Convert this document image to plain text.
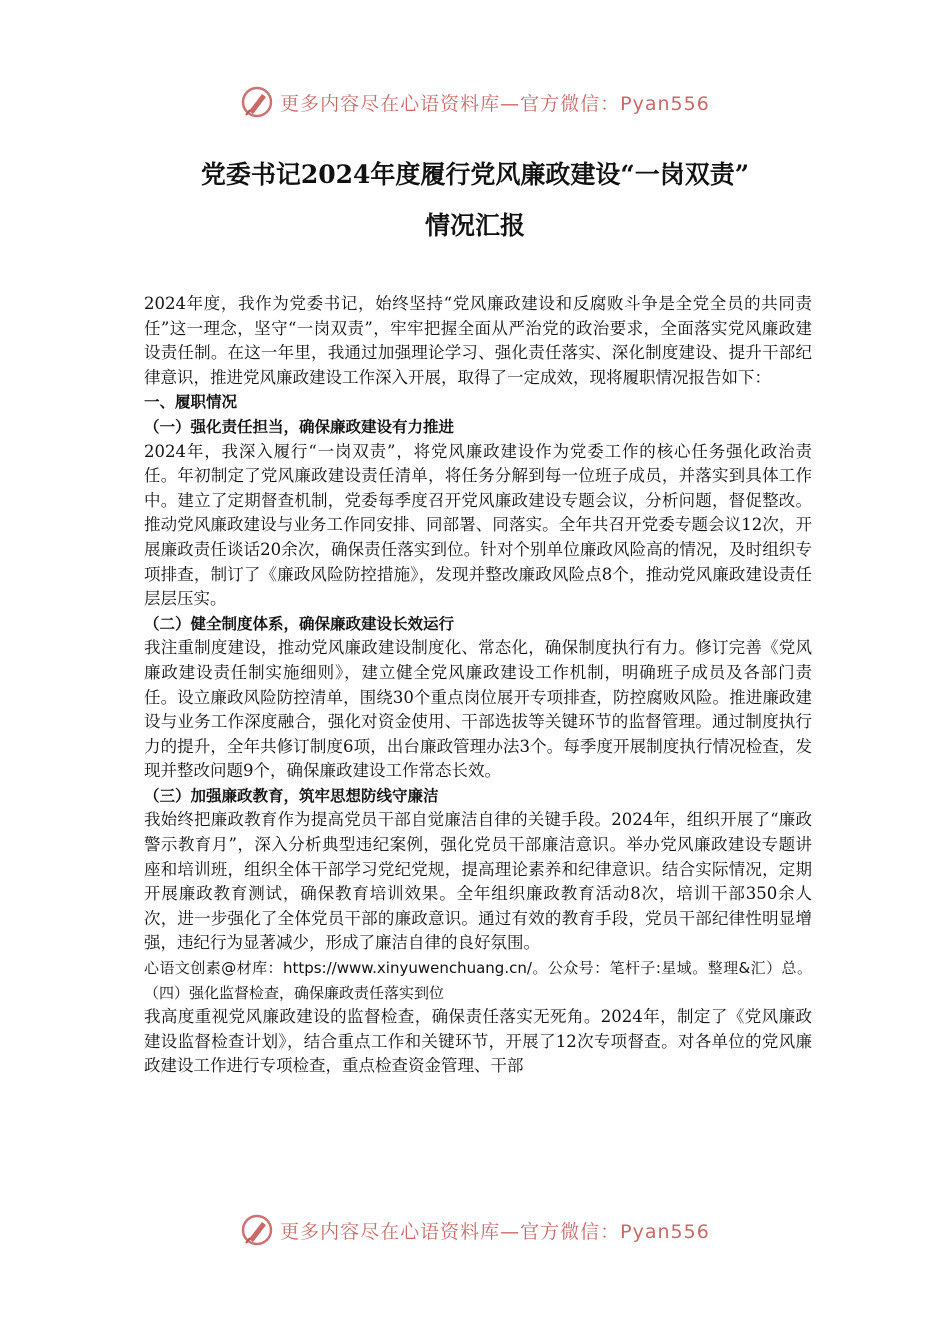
更多内容尽在心语资料库—官方微信：Pyan556
党委书记2024年度履行党风廉政建设“一岗双责”
情况汇报

2024年度，我作为党委书记，始终坚持“党风廉政建设和反腐败斗争是全党全员的共同责任”这一理念，坚守“一岗双责”，牢牢把握全面从严治党的政治要求，全面落实党风廉政建设责任制。在这一年里，我通过加强理论学习、强化责任落实、深化制度建设、提升干部纪律意识，推进党风廉政建设工作深入开展，取得了一定成效，现将履职情况报告如下：

一、履职情况

（一）强化责任担当，确保廉政建设有力推进

2024年，我深入履行“一岗双责”，将党风廉政建设作为党委工作的核心任务强化政治责任。年初制定了党风廉政建设责任清单，将任务分解到每一位班子成员，并落实到具体工作中。建立了定期督查机制，党委每季度召开党风廉政建设专题会议，分析问题，督促整改。推动党风廉政建设与业务工作同安排、同部署、同落实。全年共召开党委专题会议12次，开展廉政责任谈话20余次，确保责任落实到位。针对个别单位廉政风险高的情况，及时组织专项排查，制订了《廉政风险防控措施》，发现并整改廉政风险点8个，推动党风廉政建设责任层层压实。

（二）健全制度体系，确保廉政建设长效运行

我注重制度建设，推动党风廉政建设制度化、常态化，确保制度执行有力。修订完善《党风廉政建设责任制实施细则》，建立健全党风廉政建设工作机制，明确班子成员及各部门责任。设立廉政风险防控清单，围绕30个重点岗位展开专项排查，防控腐败风险。推进廉政建设与业务工作深度融合，强化对资金使用、干部选拔等关键环节的监督管理。通过制度执行力的提升，全年共修订制度6项，出台廉政管理办法3个。每季度开展制度执行情况检查，发现并整改问题9个，确保廉政建设工作常态长效。

（三）加强廉政教育，筑牢思想防线守廉洁

我始终把廉政教育作为提高党员干部自觉廉洁自律的关键手段。2024年，组织开展了“廉政警示教育月”，深入分析典型违纪案例，强化党员干部廉洁意识。举办党风廉政建设专题讲座和培训班，组织全体干部学习党纪党规，提高理论素养和纪律意识。结合实际情况，定期开展廉政教育测试，确保教育培训效果。全年组织廉政教育活动8次，培训干部350余人次，进一步强化了全体党员干部的廉政意识。通过有效的教育手段，党员干部纪律性明显增强，违纪行为显著减少，形成了廉洁自律的良好氛围。

心语文创素@材库：https://www.xinyuwenchuang.cn/。公众号：笔杆子:星域。整理&汇）总。（四）强化监督检查，确保廉政责任落实到位

我高度重视党风廉政建设的监督检查，确保责任落实无死角。2024年，制定了《党风廉政建设监督检查计划》，结合重点工作和关键环节，开展了12次专项督查。对各单位的党风廉政建设工作进行专项检查，重点检查资金管理、干部

更多内容尽在心语资料库—官方微信：Pyan556
